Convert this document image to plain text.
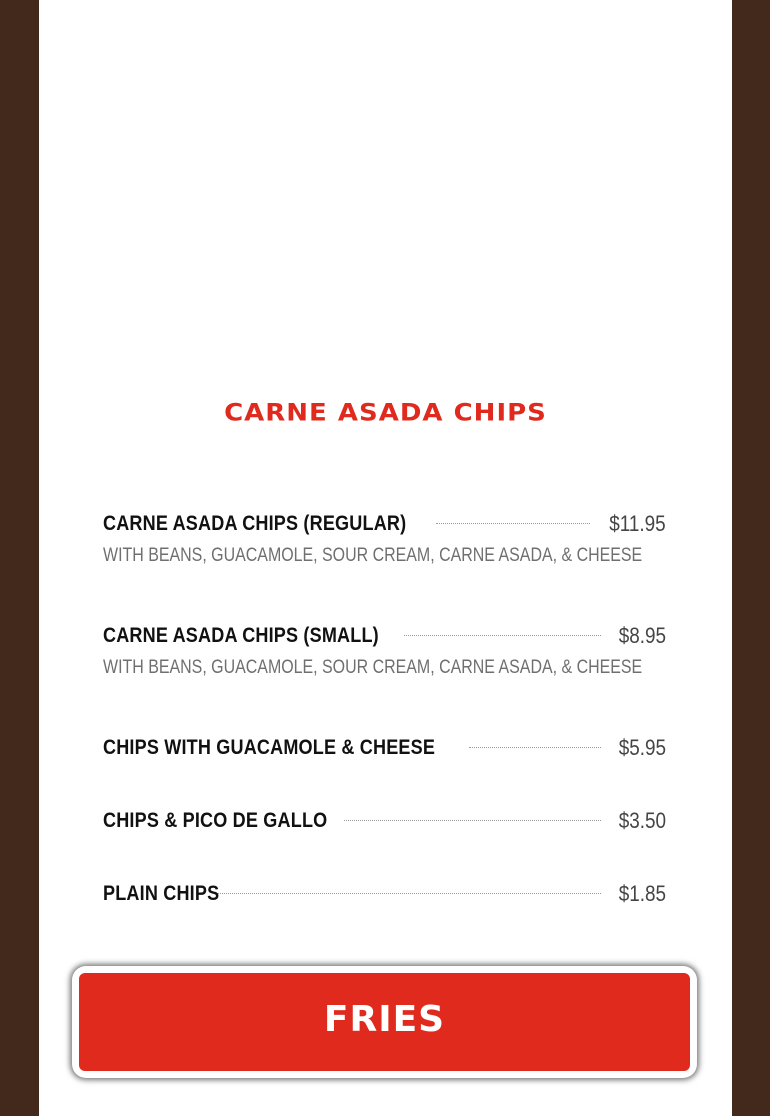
CARNE ASADA CHIPS
CARNE ASADA CHIPS (REGULAR)	$11.95
WITH BEANS, GUACAMOLE, SOUR CREAM, CARNE ASADA, & CHEESE
CARNE ASADA CHIPS (SMALL)	$8.95
WITH BEANS, GUACAMOLE, SOUR CREAM, CARNE ASADA, & CHEESE
CHIPS WITH GUACAMOLE & CHEESE	$5.95
CHIPS & PICO DE GALLO	$3.50
PLAIN CHIPS	$1.85
FRIES
